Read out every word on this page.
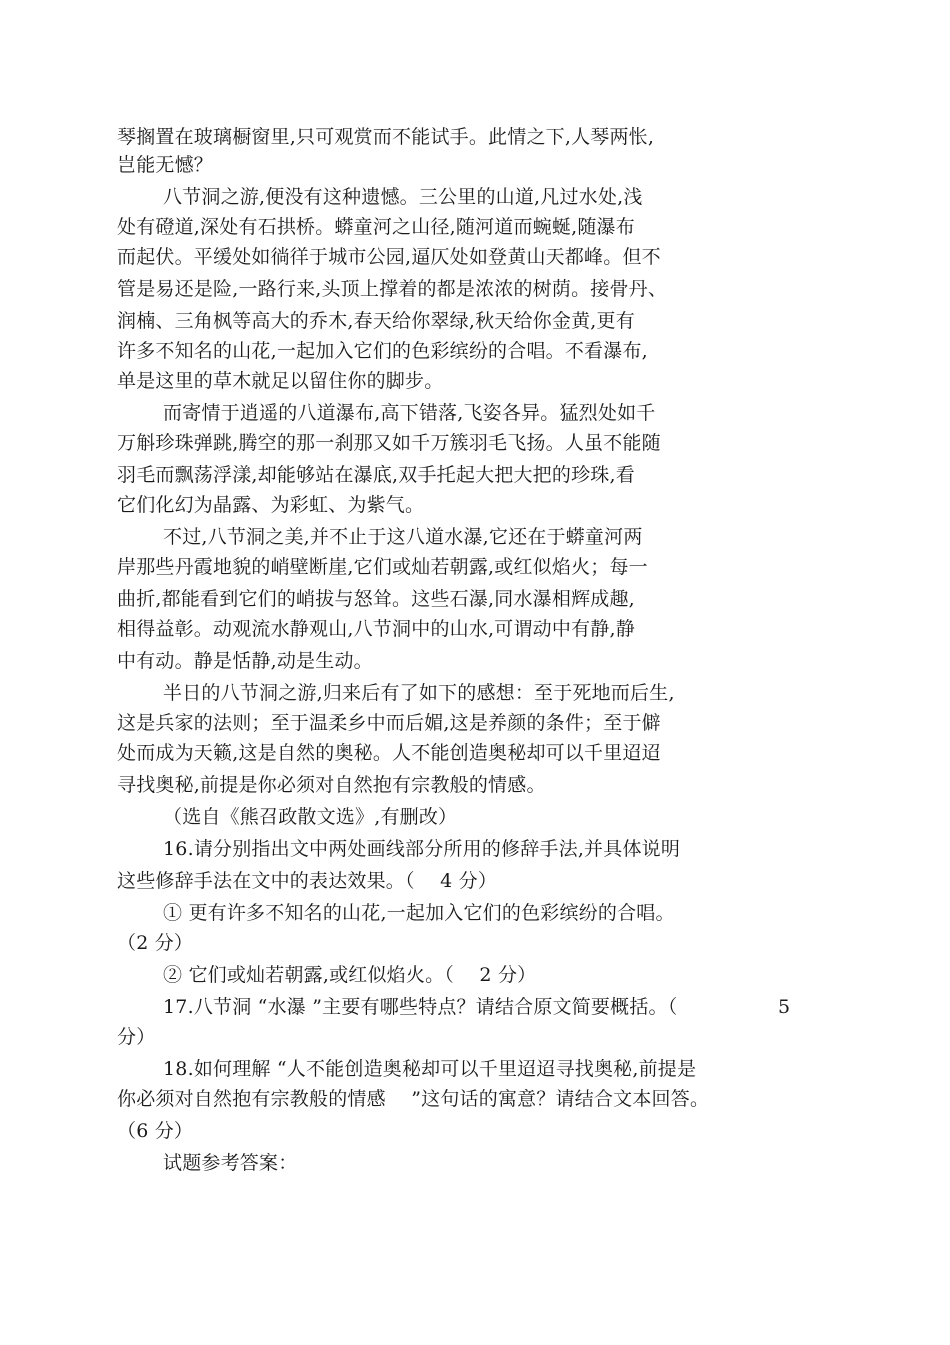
琴搁置在玻璃橱窗里,只可观赏而不能试手。此情之下,人琴两怅,
岂能无憾？
八节洞之游,便没有这种遗憾。三公里的山道,凡过水处,浅
处有磴道,深处有石拱桥。蟒童河之山径,随河道而蜿蜒,随瀑布
而起伏。平缓处如徜徉于城市公园,逼仄处如登黄山天都峰。但不
管是易还是险,一路行来,头顶上撑着的都是浓浓的树荫。接骨丹、
润楠、三角枫等高大的乔木,春天给你翠绿,秋天给你金黄,更有
许多不知名的山花,一起加入它们的色彩缤纷的合唱。不看瀑布,
单是这里的草木就足以留住你的脚步。
而寄情于逍遥的八道瀑布,高下错落,飞姿各异。猛烈处如千
万斛珍珠弹跳,腾空的那一刹那又如千万簇羽毛飞扬。人虽不能随
羽毛而飘荡浮漾,却能够站在瀑底,双手托起大把大把的珍珠,看
它们化幻为晶露、为彩虹、为紫气。
不过,八节洞之美,并不止于这八道水瀑,它还在于蟒童河两
岸那些丹霞地貌的峭壁断崖,它们或灿若朝露,或红似焰火；每一
曲折,都能看到它们的峭拔与怒耸。这些石瀑,同水瀑相辉成趣,
相得益彰。动观流水静观山,八节洞中的山水,可谓动中有静,静
中有动。静是恬静,动是生动。
半日的八节洞之游,归来后有了如下的感想：至于死地而后生,
这是兵家的法则；至于温柔乡中而后媚,这是养颜的条件；至于僻
处而成为天籁,这是自然的奥秘。人不能创造奥秘却可以千里迢迢
寻找奥秘,前提是你必须对自然抱有宗教般的情感。
（选自《熊召政散文选》,有删改）
16.请分别指出文中两处画线部分所用的修辞手法,并具体说明
这些修辞手法在文中的表达效果。（　 4 分）
① 更有许多不知名的山花,一起加入它们的色彩缤纷的合唱。
（2 分）
② 它们或灿若朝露,或红似焰火。（　 2 分）
17.八节洞 “水瀑 ”主要有哪些特点？请结合原文简要概括。（	5
分）
18.如何理解 “人不能创造奥秘却可以千里迢迢寻找奥秘,前提是
你必须对自然抱有宗教般的情感　 ”这句话的寓意？请结合文本回答。
（6 分）
试题参考答案：
